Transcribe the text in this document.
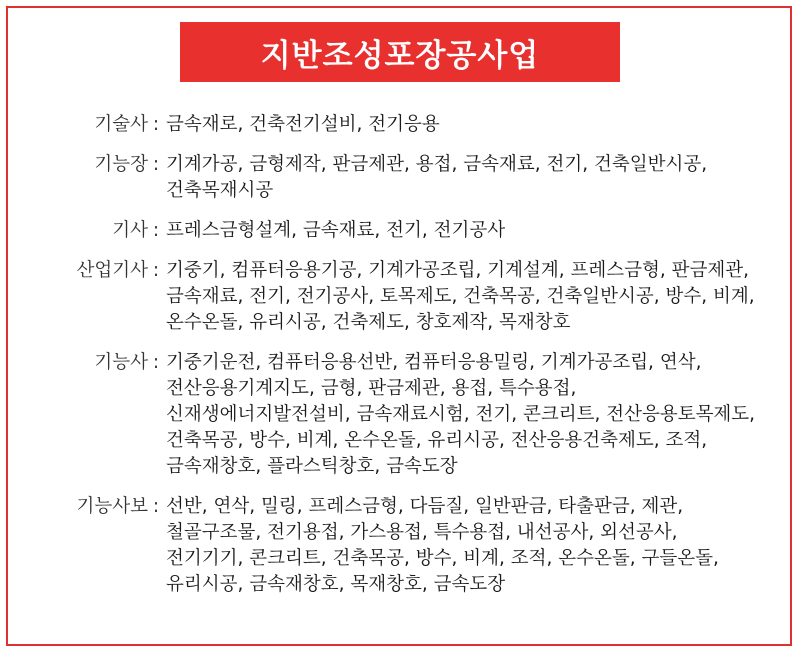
지반조성포장공사업
기술사 : 금속재로, 건축전기설비, 전기응용
기능장 : 기계가공, 금형제작, 판금제관, 용접, 금속재료, 전기, 건축일반시공, 건축목재시공
기사 : 프레스금형설계, 금속재료, 전기, 전기공사
산업기사 : 기중기, 컴퓨터응용기공, 기계가공조립, 기계설계, 프레스금형, 판금제관, 금속재료, 전기, 전기공사, 토목제도, 건축목공, 건축일반시공, 방수, 비계, 온수온돌, 유리시공, 건축제도, 창호제작, 목재창호
기능사 : 기중기운전, 컴퓨터응용선반, 컴퓨터응용밀링, 기계가공조립, 연삭, 전산응용기계지도, 금형, 판금제관, 용접, 특수용접, 신재생에너지발전설비, 금속재료시험, 전기, 콘크리트, 전산응용토목제도, 건축목공, 방수, 비계, 온수온돌, 유리시공, 전산응용건축제도, 조적, 금속재창호, 플라스틱창호, 금속도장
기능사보 : 선반, 연삭, 밀링, 프레스금형, 다듬질, 일반판금, 타출판금, 제관, 철골구조물, 전기용접, 가스용접, 특수용접, 내선공사, 외선공사, 전기기기, 콘크리트, 건축목공, 방수, 비계, 조적, 온수온돌, 구들온돌, 유리시공, 금속재창호, 목재창호, 금속도장
